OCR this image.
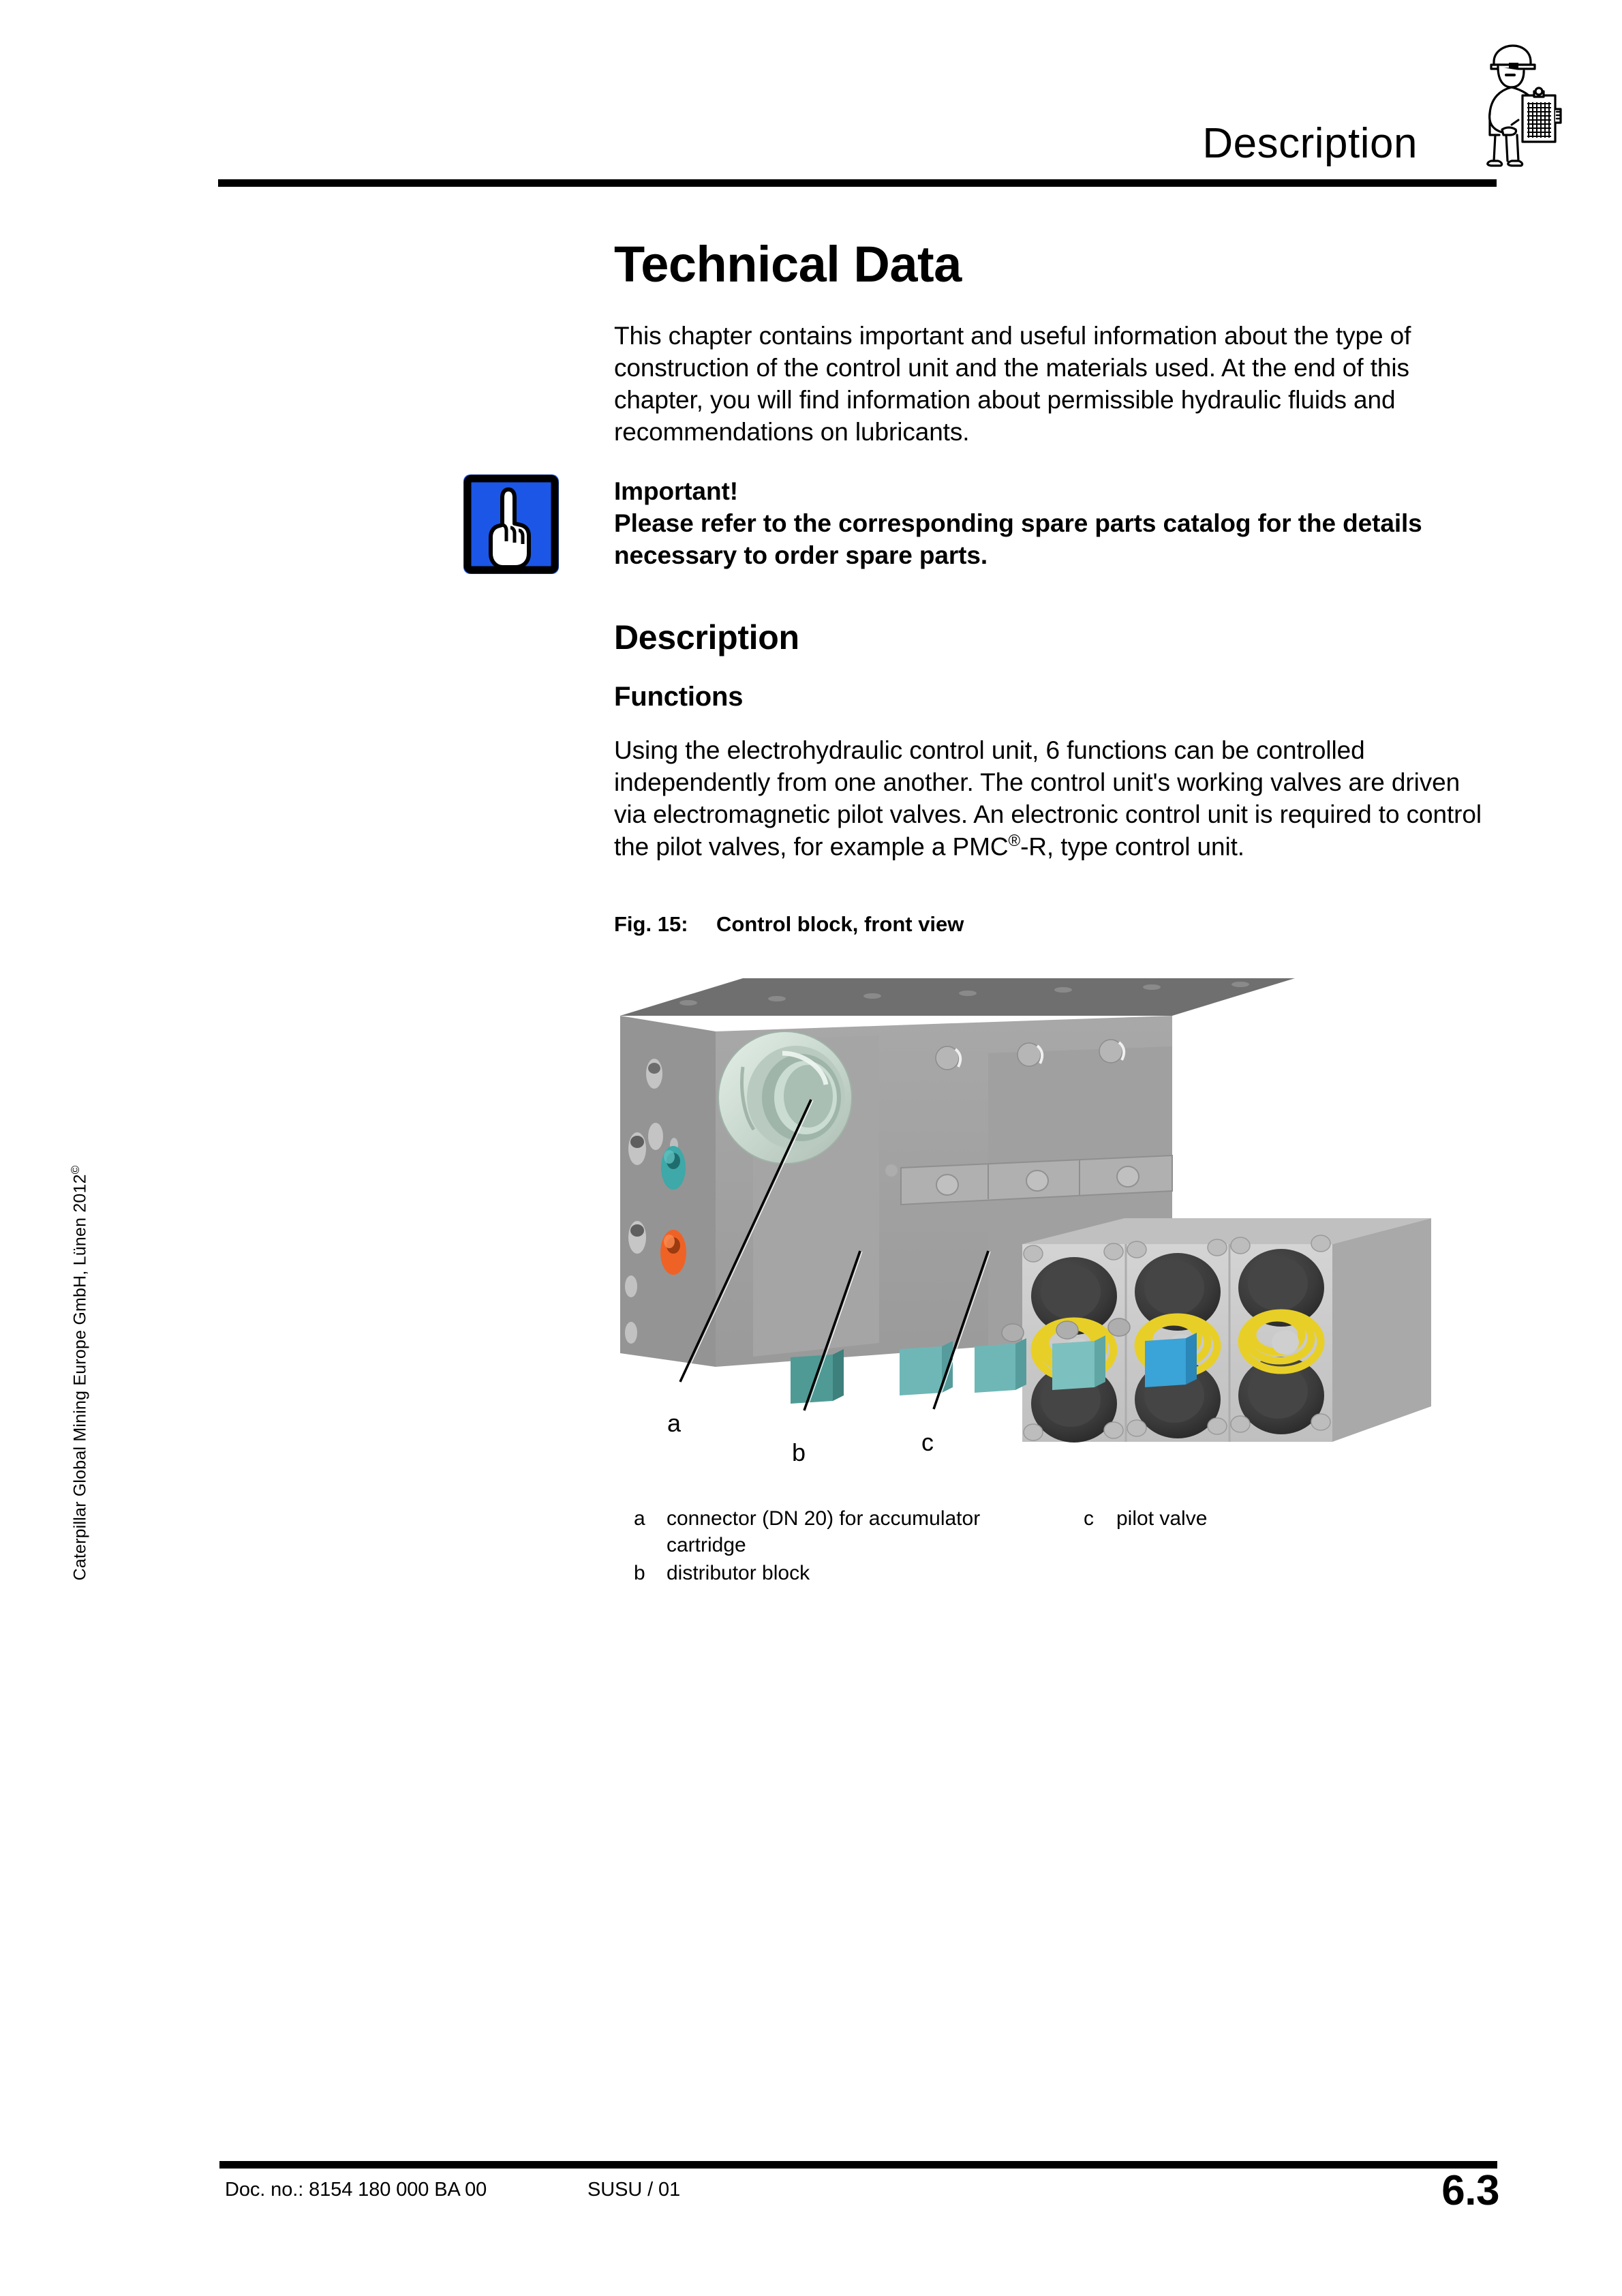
Description
Caterpillar Global Mining Europe GmbH, Lünen 2012©
Technical Data
This chapter contains important and useful information about the type of construction of the control unit and the materials used. At the end of this chapter, you will find information about permissible hydraulic fluids and recommendations on lubricants.
Important!
Please refer to the corresponding spare parts catalog for the details necessary to order spare parts.
Description
Functions
Using the electrohydraulic control unit, 6 functions can be controlled independently from one another. The control unit's working valves are driven via electromagnetic pilot valves. An electronic control unit is required to control the pilot valves, for example a PMC®-R, type control unit.
Fig. 15: Control block, front view
a
b	c
a connector (DN 20) for accumulator cartridge
b distributor block
c pilot valve
Doc. no.: 8154 180 000 BA 00	SUSU / 01	6.3
